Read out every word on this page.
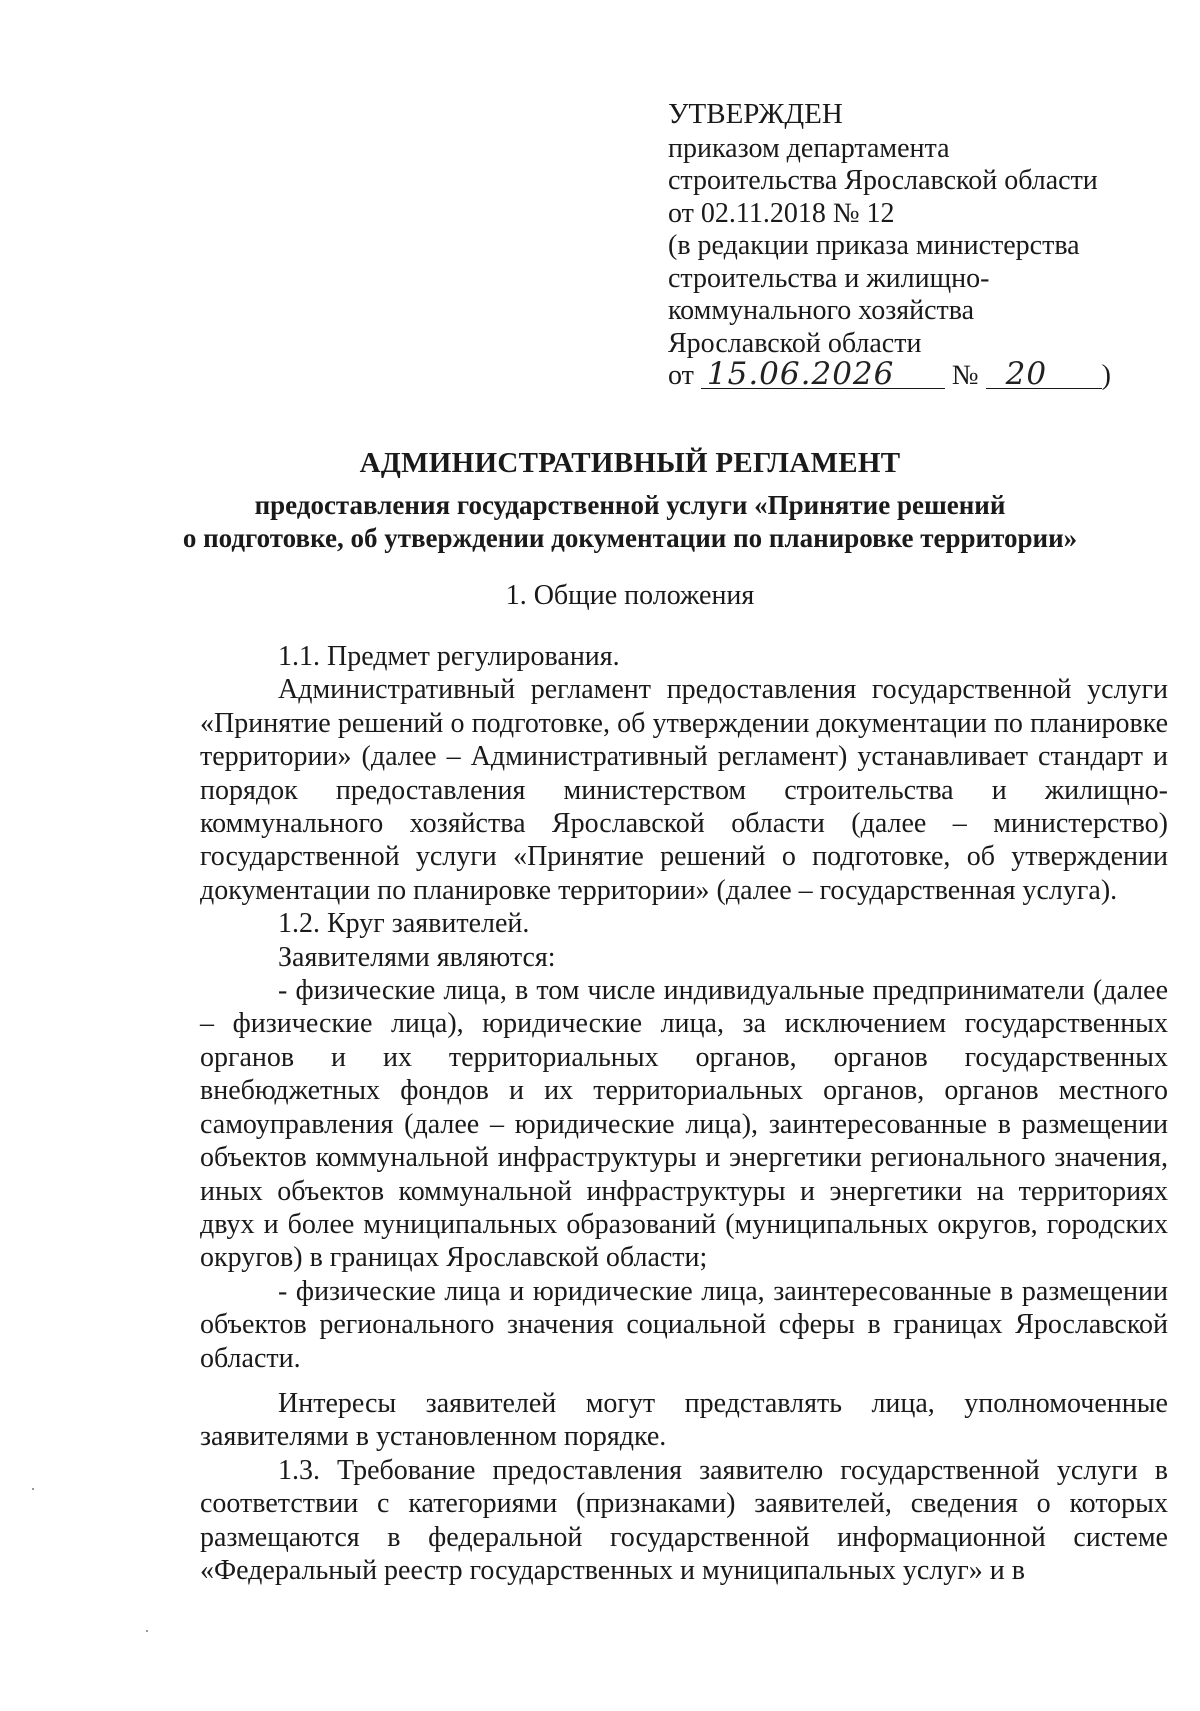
УТВЕРЖДЕН
приказом департамента
строительства Ярославской области
от 02.11.2018 № 12
(в редакции приказа министерства
строительства и жилищно-
коммунального хозяйства
Ярославской области
от 15.06.2026 № 20 )
АДМИНИСТРАТИВНЫЙ РЕГЛАМЕНТ
предоставления государственной услуги «Принятие решений
о подготовке, об утверждении документации по планировке территории»
1. Общие положения

1.1. Предмет регулирования.

Административный регламент предоставления государственной услуги «Принятие решений о подготовке, об утверждении документации по планировке территории» (далее – Административный регламент) устанавливает стандарт и порядок предоставления министерством строительства и жилищно-коммунального хозяйства Ярославской области (далее – министерство) государственной услуги «Принятие решений о подготовке, об утверждении документации по планировке территории» (далее – государственная услуга).

1.2. Круг заявителей.

Заявителями являются:

- физические лица, в том числе индивидуальные предприниматели (далее – физические лица), юридические лица, за исключением государственных органов и их территориальных органов, органов государственных внебюджетных фондов и их территориальных органов, органов местного самоуправления (далее – юридические лица), заинтересованные в размещении объектов коммунальной инфраструктуры и энергетики регионального значения, иных объектов коммунальной инфраструктуры и энергетики на территориях двух и более муниципальных образований (муниципальных округов, городских округов) в границах Ярославской области;

- физические лица и юридические лица, заинтересованные в размещении объектов регионального значения социальной сферы в границах Ярославской области.

Интересы заявителей могут представлять лица, уполномоченные заявителями в установленном порядке.

1.3. Требование предоставления заявителю государственной услуги в соответствии с категориями (признаками) заявителей, сведения о которых размещаются в федеральной государственной информационной системе «Федеральный реестр государственных и муниципальных услуг» и в
